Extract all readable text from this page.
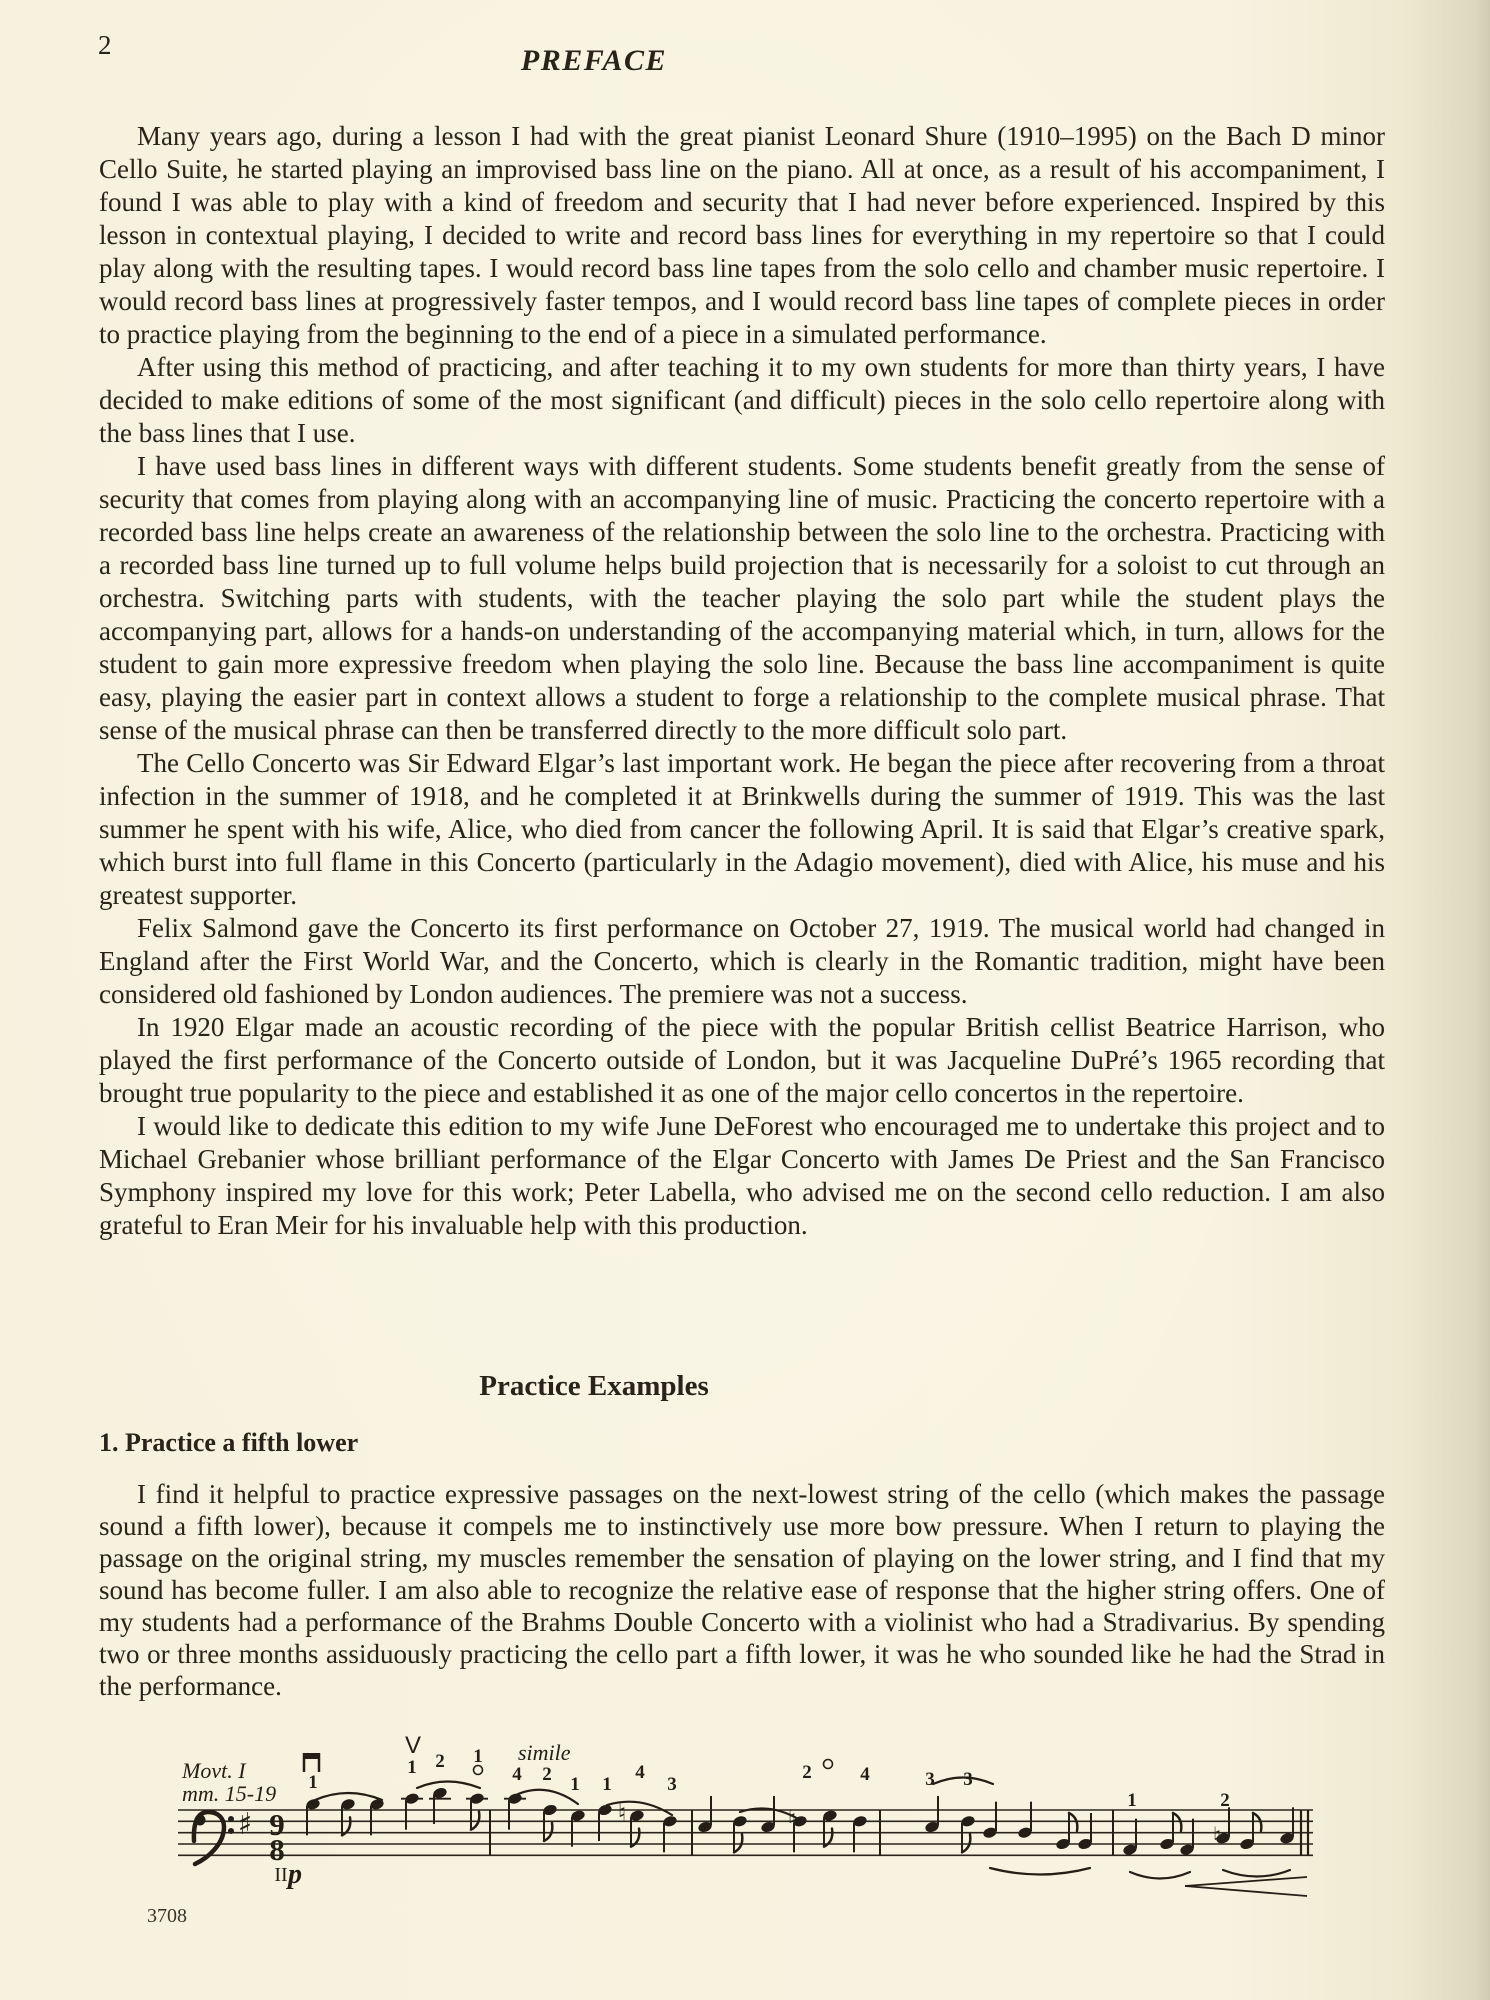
2	PREFACE

Many years ago, during a lesson I had with the great pianist Leonard Shure (1910–1995) on the Bach D minor Cello Suite, he started playing an improvised bass line on the piano. All at once, as a result of his accompaniment, I found I was able to play with a kind of freedom and security that I had never before experienced. Inspired by this lesson in contextual playing, I decided to write and record bass lines for everything in my repertoire so that I could play along with the resulting tapes. I would record bass line tapes from the solo cello and chamber music repertoire. I would record bass lines at progressively faster tempos, and I would record bass line tapes of complete pieces in order to practice playing from the beginning to the end of a piece in a simulated performance.

After using this method of practicing, and after teaching it to my own students for more than thirty years, I have decided to make editions of some of the most significant (and difficult) pieces in the solo cello repertoire along with the bass lines that I use.

I have used bass lines in different ways with different students. Some students benefit greatly from the sense of security that comes from playing along with an accompanying line of music. Practicing the concerto repertoire with a recorded bass line helps create an awareness of the relationship between the solo line to the orchestra. Practicing with a recorded bass line turned up to full volume helps build projection that is necessarily for a soloist to cut through an orchestra. Switching parts with students, with the teacher playing the solo part while the student plays the accompanying part, allows for a hands-on understanding of the accompanying material which, in turn, allows for the student to gain more expressive freedom when playing the solo line. Because the bass line accompaniment is quite easy, playing the easier part in context allows a student to forge a relationship to the complete musical phrase. That sense of the musical phrase can then be transferred directly to the more difficult solo part.

The Cello Concerto was Sir Edward Elgar’s last important work. He began the piece after recovering from a throat infection in the summer of 1918, and he completed it at Brinkwells during the summer of 1919. This was the last summer he spent with his wife, Alice, who died from cancer the following April. It is said that Elgar’s creative spark, which burst into full flame in this Concerto (particularly in the Adagio movement), died with Alice, his muse and his greatest supporter.

Felix Salmond gave the Concerto its first performance on October 27, 1919. The musical world had changed in England after the First World War, and the Concerto, which is clearly in the Romantic tradition, might have been considered old fashioned by London audiences. The premiere was not a success.

In 1920 Elgar made an acoustic recording of the piece with the popular British cellist Beatrice Harrison, who played the first performance of the Concerto outside of London, but it was Jacqueline DuPré’s 1965 recording that brought true popularity to the piece and established it as one of the major cello concertos in the repertoire.

I would like to dedicate this edition to my wife June DeForest who encouraged me to undertake this project and to Michael Grebanier whose brilliant performance of the Elgar Concerto with James De Priest and the San Francisco Symphony inspired my love for this work; Peter Labella, who advised me on the second cello reduction. I am also grateful to Eran Meir for his invaluable help with this production.

Practice Examples
1. Practice a fifth lower

I find it helpful to practice expressive passages on the next-lowest string of the cello (which makes the passage sound a fifth lower), because it compels me to instinctively use more bow pressure. When I return to playing the passage on the original string, my muscles remember the sensation of playing on the lower string, and I find that my sound has become fuller. I am also able to recognize the relative ease of response that the higher string offers. One of my students had a performance of the Brahms Double Concerto with a violinist who had a Stradivarius. By spending two or three months assiduously practicing the cello part a fifth lower, it was he who sounded like he had the Strad in the performance.

♯ 9
8
Movt. I
mm. 15-19
simile
II p
V
♮	♮
♮
1
1 2 1
4 2 1 1
4
3
2	4	3 3
1	2
3708
